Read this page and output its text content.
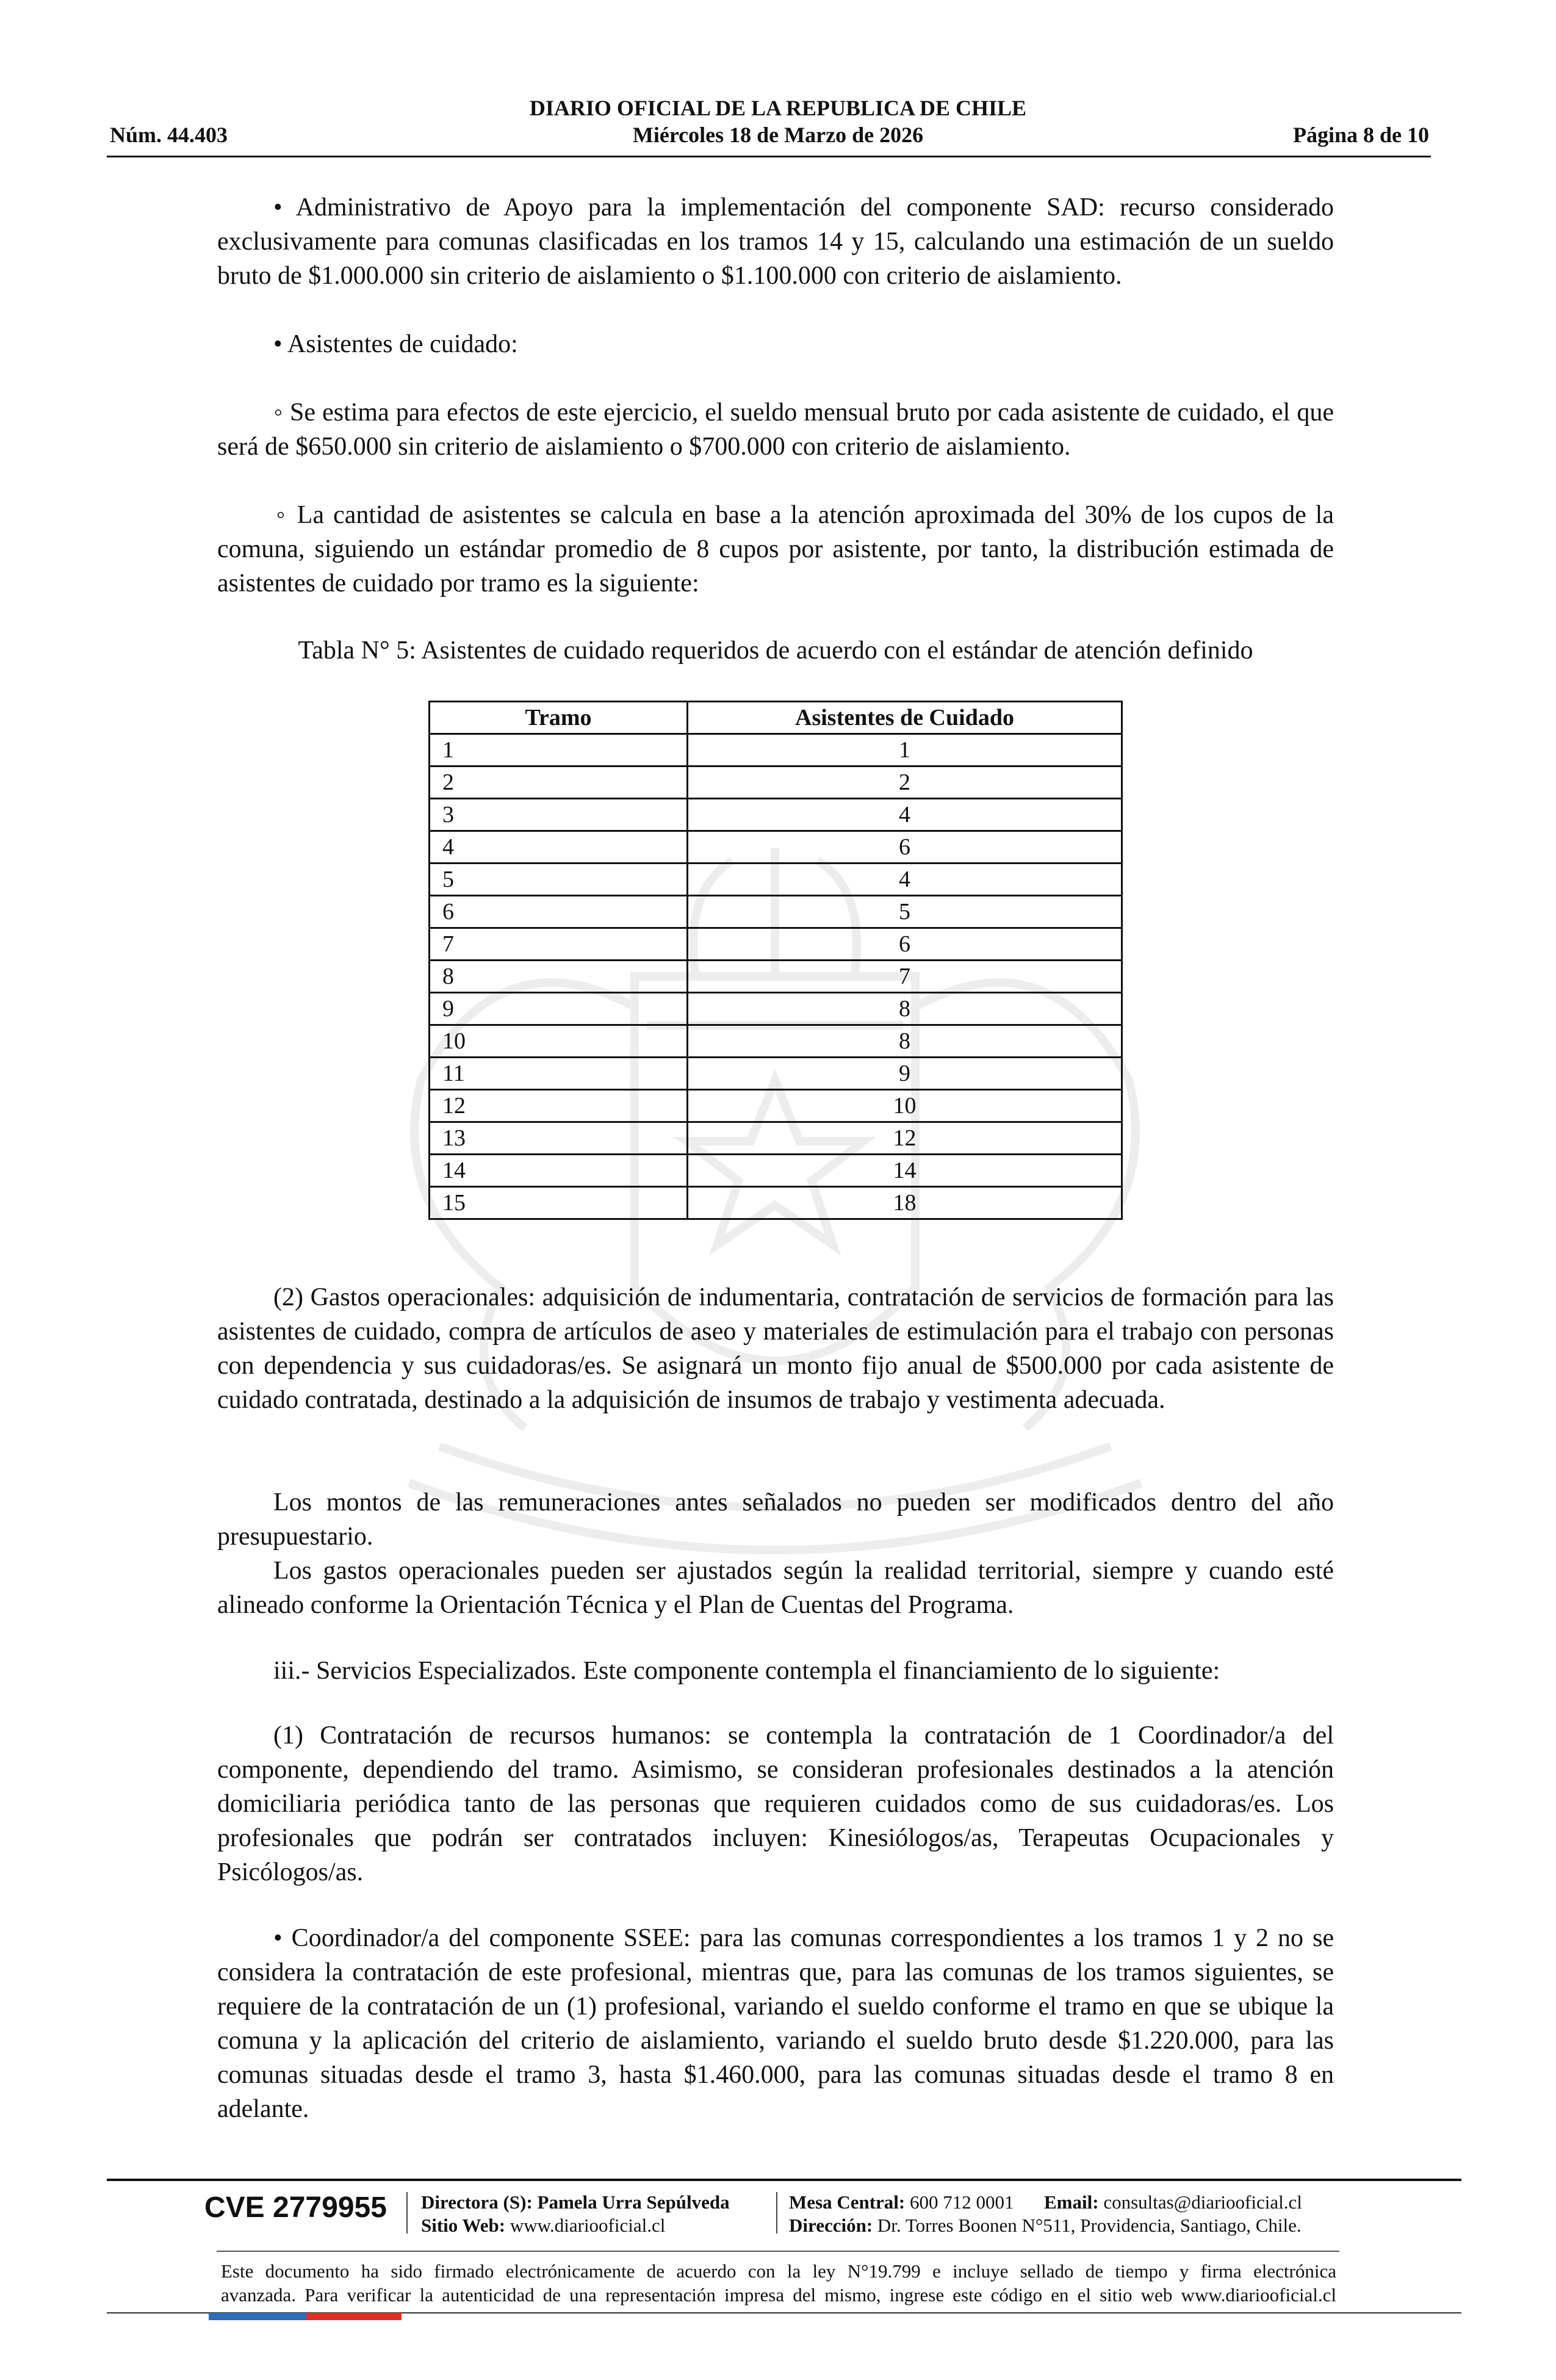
DIARIO OFICIAL DE LA REPUBLICA DE CHILE
Miércoles 18 de Marzo de 2026
Núm. 44.403	Página 8 de 10
• Administrativo de Apoyo para la implementación del componente SAD: recurso considerado exclusivamente para comunas clasificadas en los tramos 14 y 15, calculando una estimación de un sueldo bruto de $1.000.000 sin criterio de aislamiento o $1.100.000 con criterio de aislamiento.
• Asistentes de cuidado:
◦ Se estima para efectos de este ejercicio, el sueldo mensual bruto por cada asistente de cuidado, el que será de $650.000 sin criterio de aislamiento o $700.000 con criterio de aislamiento.
◦ La cantidad de asistentes se calcula en base a la atención aproximada del 30% de los cupos de la comuna, siguiendo un estándar promedio de 8 cupos por asistente, por tanto, la distribución estimada de asistentes de cuidado por tramo es la siguiente:
Tabla N° 5: Asistentes de cuidado requeridos de acuerdo con el estándar de atención definido
Tramo	Asistentes de Cuidado
1	1
2	2
3	4
4	6
5	4
6	5
7	6
8	7
9	8
10	8
11	9
12	10
13	12
14	14
15	18
(2) Gastos operacionales: adquisición de indumentaria, contratación de servicios de formación para las asistentes de cuidado, compra de artículos de aseo y materiales de estimulación para el trabajo con personas con dependencia y sus cuidadoras/es. Se asignará un monto fijo anual de $500.000 por cada asistente de cuidado contratada, destinado a la adquisición de insumos de trabajo y vestimenta adecuada.
Los montos de las remuneraciones antes señalados no pueden ser modificados dentro del año presupuestario.
Los gastos operacionales pueden ser ajustados según la realidad territorial, siempre y cuando esté alineado conforme la Orientación Técnica y el Plan de Cuentas del Programa.
iii.- Servicios Especializados. Este componente contempla el financiamiento de lo siguiente:
(1) Contratación de recursos humanos: se contempla la contratación de 1 Coordinador/a del componente, dependiendo del tramo. Asimismo, se consideran profesionales destinados a la atención domiciliaria periódica tanto de las personas que requieren cuidados como de sus cuidadoras/es. Los profesionales que podrán ser contratados incluyen: Kinesiólogos/as, Terapeutas Ocupacionales y Psicólogos/as.
• Coordinador/a del componente SSEE: para las comunas correspondientes a los tramos 1 y 2 no se considera la contratación de este profesional, mientras que, para las comunas de los tramos siguientes, se requiere de la contratación de un (1) profesional, variando el sueldo conforme el tramo en que se ubique la comuna y la aplicación del criterio de aislamiento, variando el sueldo bruto desde $1.220.000, para las comunas situadas desde el tramo 3, hasta $1.460.000, para las comunas situadas desde el tramo 8 en adelante.
CVE 2779955 Directora (S): Pamela Urra Sepúlveda
Sitio Web: www.diariooficial.cl
Mesa Central: 600 712 0001 Email: consultas@diariooficial.cl
Dirección: Dr. Torres Boonen N°511, Providencia, Santiago, Chile.
Este documento ha sido firmado electrónicamente de acuerdo con la ley N°19.799 e incluye sellado de tiempo y firma electrónica
avanzada. Para verificar la autenticidad de una representación impresa del mismo, ingrese este código en el sitio web www.diariooficial.cl
